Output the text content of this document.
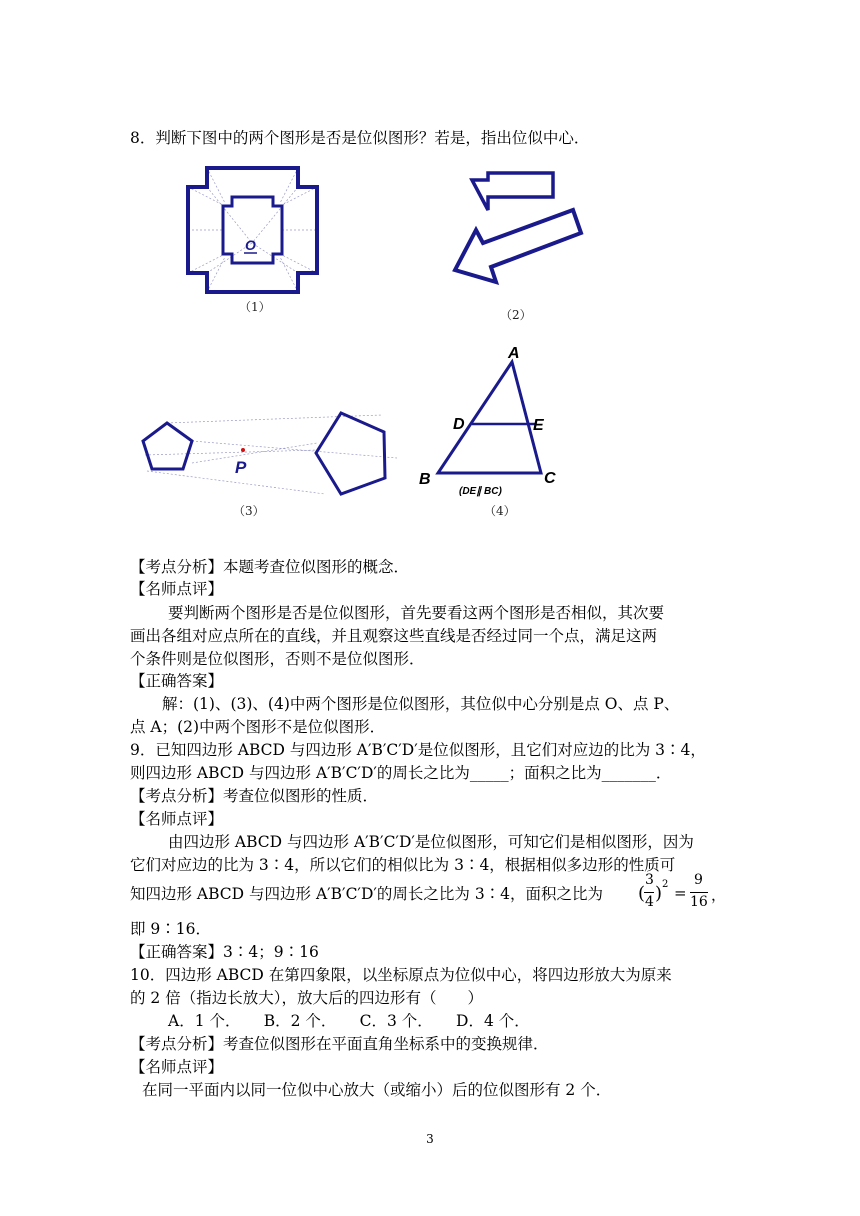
8．判断下图中的两个图形是否是位似图形？若是，指出位似中心．
O
（1）
（2）
P
（3）
A
D	E
B	C
(DE∥ BC)
（4）
【考点分析】本题考查位似图形的概念．
【名师点评】
要判断两个图形是否是位似图形，首先要看这两个图形是否相似，其次要
画出各组对应点所在的直线，并且观察这些直线是否经过同一个点，满足这两
个条件则是位似图形，否则不是位似图形．
【正确答案】
解：(1)、(3)、(4)中两个图形是位似图形，其位似中心分别是点 O、点 P、
点 A；(2)中两个图形不是位似图形．
9．已知四边形 ABCD 与四边形 A′B′C′D′是位似图形，且它们对应边的比为 3∶4，
则四边形 ABCD 与四边形 A′B′C′D′的周长之比为_____；面积之比为_______．
【考点分析】考查位似图形的性质．
【名师点评】
由四边形 ABCD 与四边形 A′B′C′D′是位似图形，可知它们是相似图形，因为
它们对应边的比为 3∶4，所以它们的相似比为 3∶4，根据相似多边形的性质可
知四边形 ABCD 与四边形 A′B′C′D′的周长之比为 3∶4，面积之比为 (
3
4 ) 2 =
9
16 ，
即 9∶16．
【正确答案】3∶4；9∶16
10．四边形 ABCD 在第四象限，以坐标原点为位似中心，将四边形放大为原来
的 2 倍（指边长放大），放大后的四边形有（　　）
A．1 个．　　B．2 个．　　C．3 个．　　D．4 个．
【考点分析】考查位似图形在平面直角坐标系中的变换规律．
【名师点评】
在同一平面内以同一位似中心放大（或缩小）后的位似图形有 2 个．
3
